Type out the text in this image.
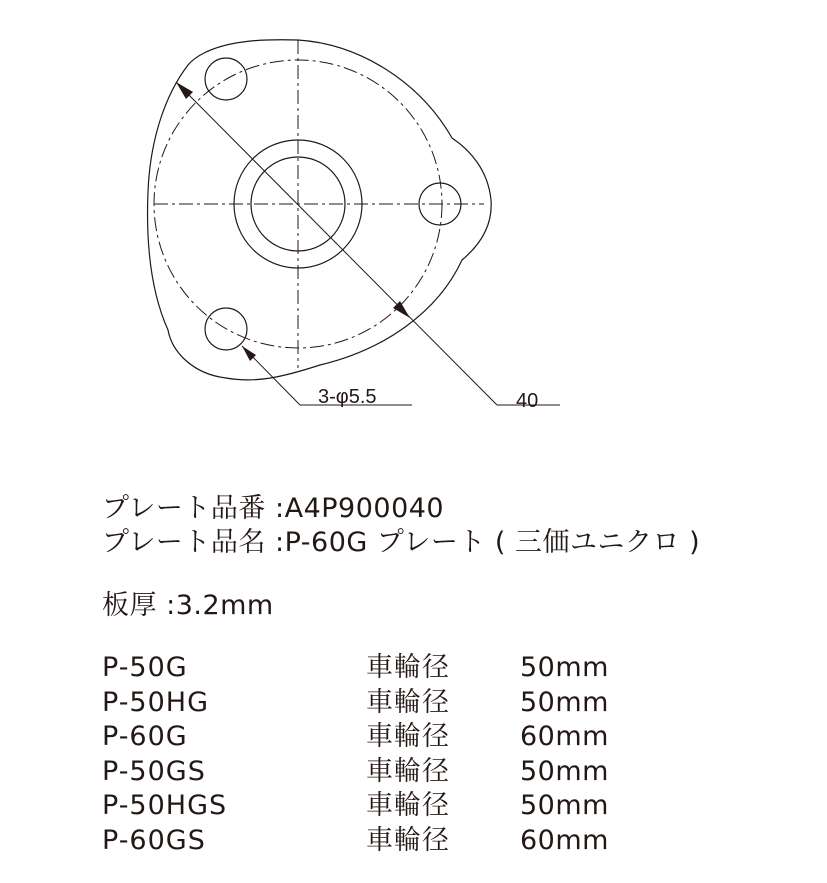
3-φ5.5	40
プレート品番 :A4P900040
プレート品名 :P-60G プレート ( 三価ユニクロ )
板厚 :3.2mm
P-50G	車輪径	50mm
P-50HG	車輪径	50mm
P-60G	車輪径	60mm
P-50GS	車輪径	50mm
P-50HGS	車輪径	50mm
P-60GS	車輪径	60mm
